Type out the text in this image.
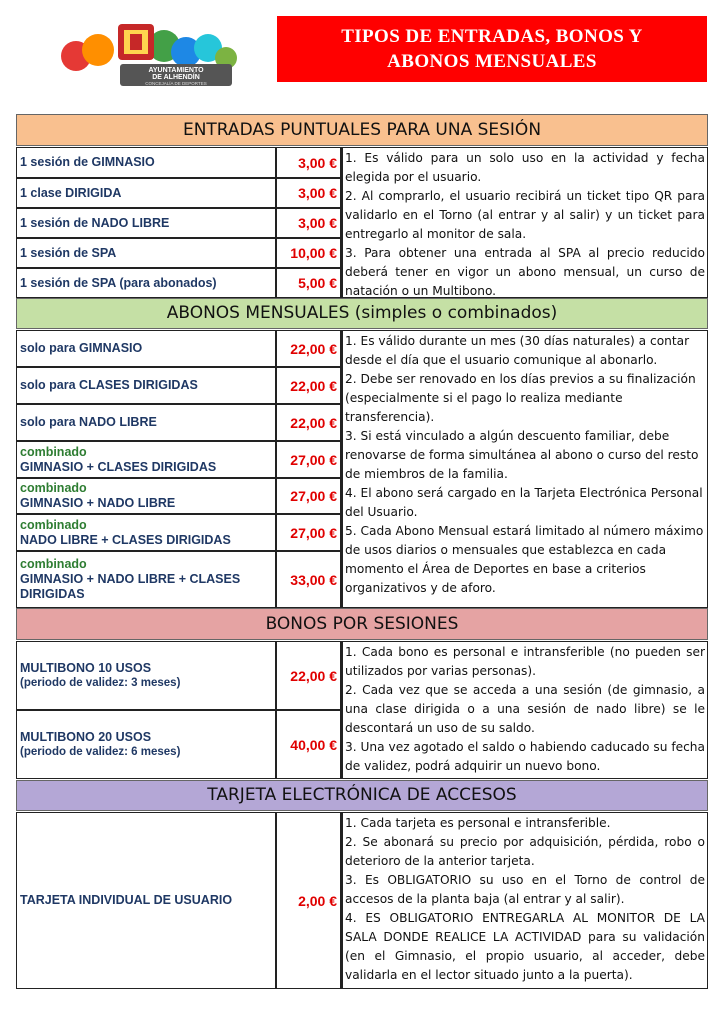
AYUNTAMIENTO
DE ALHENDÍN
CONCEJALÍA DE DEPORTES
TIPOS DE ENTRADAS, BONOS Y
ABONOS MENSUALES
ENTRADAS PUNTUALES PARA UNA SESIÓN
1 sesión de GIMNASIO	3,00 €
1 clase DIRIGIDA	3,00 €
1 sesión de NADO LIBRE	3,00 €
1 sesión de SPA	10,00 €
1 sesión de SPA (para abonados)	5,00 €

1. Es válido para un solo uso en la actividad y fecha elegida por el usuario.

2. Al comprarlo, el usuario recibirá un ticket tipo QR para validarlo en el Torno (al entrar y al salir) y un ticket para entregarlo al monitor de sala.

3. Para obtener una entrada al SPA al precio reducido deberá tener en vigor un abono mensual, un curso de natación o un Multibono.

ABONOS MENSUALES (simples o combinados)
solo para GIMNASIO	22,00 €
solo para CLASES DIRIGIDAS	22,00 €
solo para NADO LIBRE	22,00 €
combinado
GIMNASIO + CLASES DIRIGIDAS	27,00 €
combinado
GIMNASIO + NADO LIBRE	27,00 €
combinado
NADO LIBRE + CLASES DIRIGIDAS	27,00 €
combinado
GIMNASIO + NADO LIBRE + CLASES DIRIGIDAS
33,00 €

1. Es válido durante un mes (30 días naturales) a contar desde el día que el usuario comunique al abonarlo.

2. Debe ser renovado en los días previos a su finalización (especialmente si el pago lo realiza mediante transferencia).

3. Si está vinculado a algún descuento familiar, debe renovarse de forma simultánea al abono o curso del resto de miembros de la familia.

4. El abono será cargado en la Tarjeta Electrónica Personal del Usuario.

5. Cada Abono Mensual estará limitado al número máximo de usos diarios o mensuales que establezca en cada momento el Área de Deportes en base a criterios organizativos y de aforo.

BONOS POR SESIONES
MULTIBONO 10 USOS
(periodo de validez: 3 meses)	22,00 €
MULTIBONO 20 USOS
(periodo de validez: 6 meses)	40,00 €

1. Cada bono es personal e intransferible (no pueden ser utilizados por varias personas).

2. Cada vez que se acceda a una sesión (de gimnasio, a una clase dirigida o a una sesión de nado libre) se le descontará un uso de su saldo.

3. Una vez agotado el saldo o habiendo caducado su fecha de validez, podrá adquirir un nuevo bono.

TARJETA ELECTRÓNICA DE ACCESOS
TARJETA INDIVIDUAL DE USUARIO	2,00 €

1. Cada tarjeta es personal e intransferible.

2. Se abonará su precio por adquisición, pérdida, robo o deterioro de la anterior tarjeta.

3. Es OBLIGATORIO su uso en el Torno de control de accesos de la planta baja (al entrar y al salir).

4. ES OBLIGATORIO ENTREGARLA AL MONITOR DE LA SALA DONDE REALICE LA ACTIVIDAD para su validación (en el Gimnasio, el propio usuario, al acceder, debe validarla en el lector situado junto a la puerta).
